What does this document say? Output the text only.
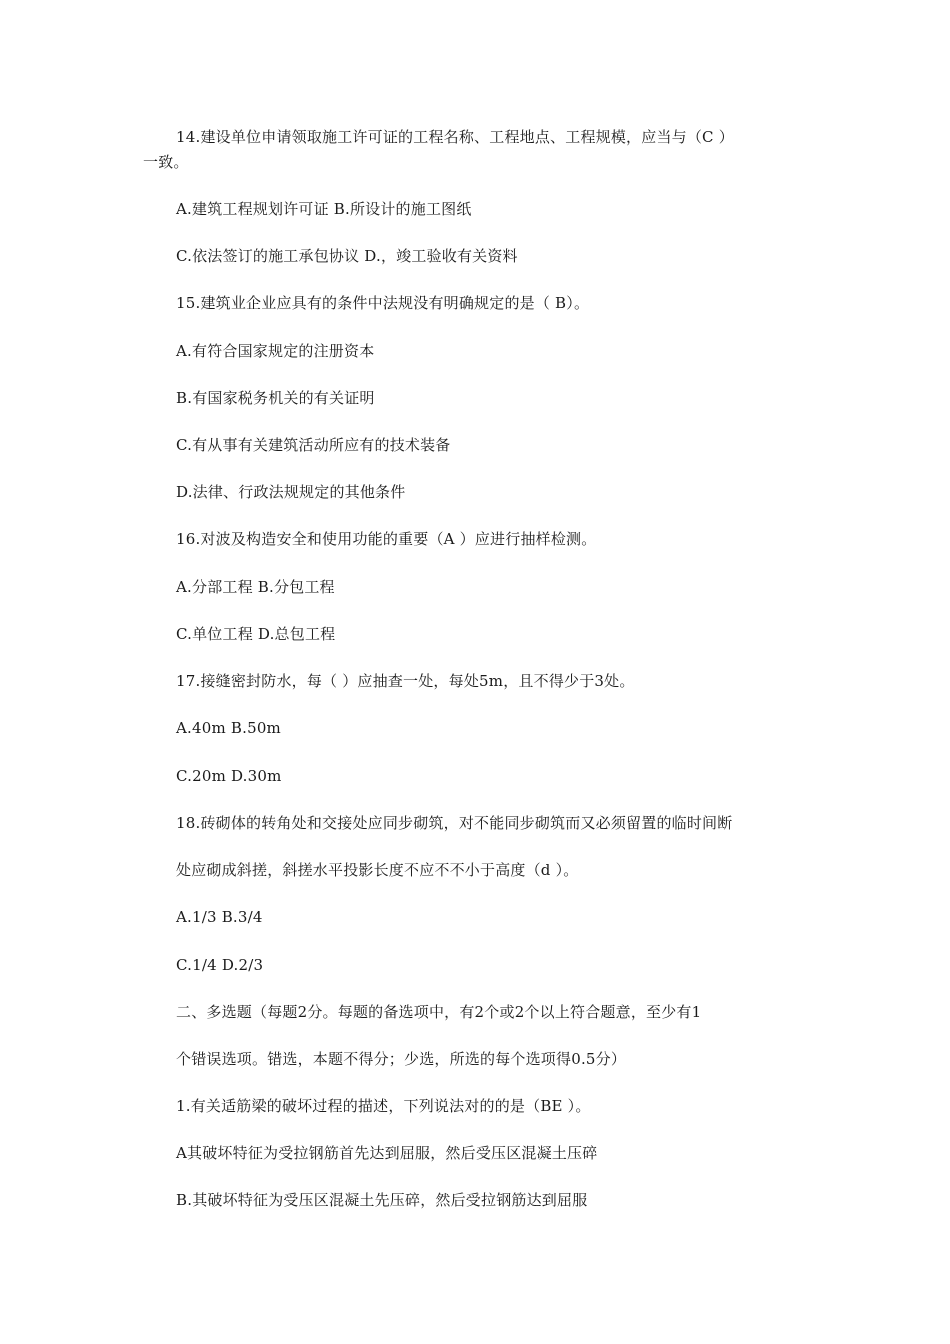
14.建设单位申请领取施工许可证的工程名称、工程地点、工程规模，应当与（C ）
一致。
A.建筑工程规划许可证 B.所设计的施工图纸
C.依法签订的施工承包协议 D.，竣工验收有关资料
15.建筑业企业应具有的条件中法规没有明确规定的是（ B）。
A.有符合国家规定的注册资本
B.有国家税务机关的有关证明
C.有从事有关建筑活动所应有的技术装备
D.法律、行政法规规定的其他条件
16.对波及构造安全和使用功能的重要（A ）应进行抽样检测。
A.分部工程 B.分包工程
C.单位工程 D.总包工程
17.接缝密封防水，每（ ）应抽查一处，每处5m，且不得少于3处。
A.40m B.50m
C.20m D.30m
18.砖砌体的转角处和交接处应同步砌筑，对不能同步砌筑而又必须留置的临时间断
处应砌成斜搓，斜搓水平投影长度不应不不小于高度（d ）。
A.1/3 B.3/4
C.1/4 D.2/3
二、多选题（每题2分。每题的备选项中，有2个或2个以上符合题意，至少有1
个错误选项。错选，本题不得分；少选，所选的每个选项得0.5分）
1.有关适筋梁的破坏过程的描述，下列说法对的的是（BE ）。
A其破坏特征为受拉钢筋首先达到屈服，然后受压区混凝土压碎
B.其破坏特征为受压区混凝土先压碎，然后受拉钢筋达到屈服
